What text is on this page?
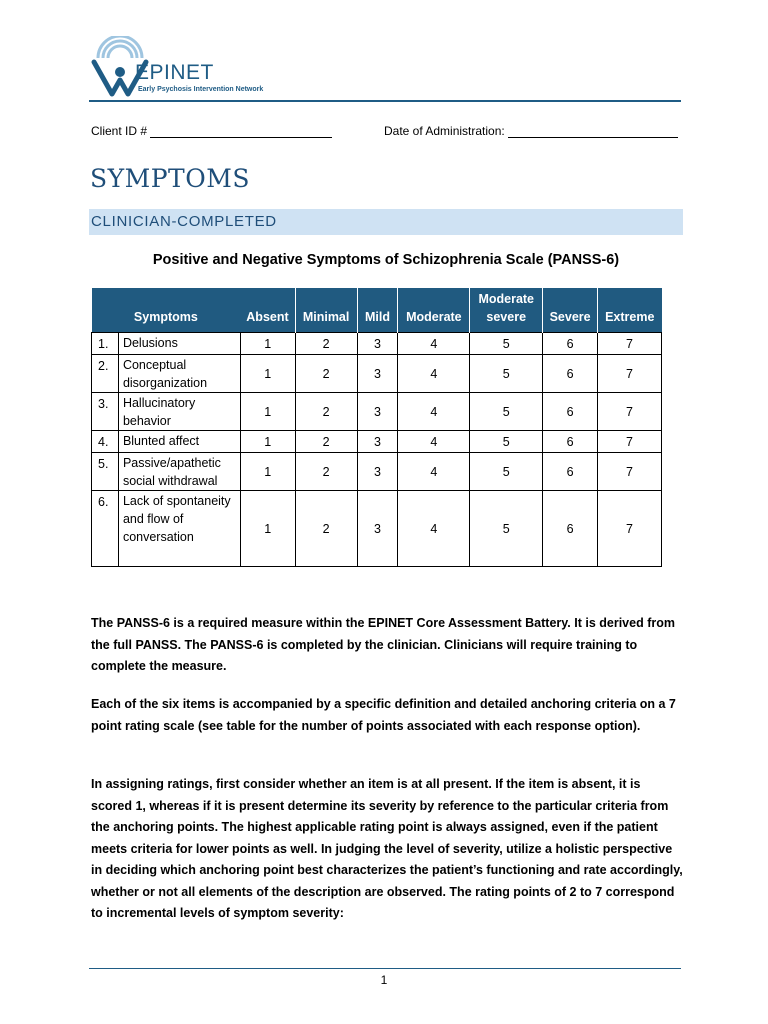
EPINET
Early Psychosis Intervention Network
Client ID #	Date of Administration:
SYMPTOMS
CLINICIAN-COMPLETED
Positive and Negative Symptoms of Schizophrenia Scale (PANSS-6)
Symptoms		Absent	Minimal	Mild	Moderate	Moderate severe	Severe	Extreme
1.	Delusions	1	2	3	4	5	6	7
2.	Conceptual disorganization	1	2	3	4	5	6	7
3.	Hallucinatory behavior	1	2	3	4	5	6	7
4.	Blunted affect	1	2	3	4	5	6	7
5.	Passive/apathetic social withdrawal	1	2	3	4	5	6	7
6.	Lack of spontaneity and flow of conversation	1	2	3	4	5	6	7

The PANSS-6 is a required measure within the EPINET Core Assessment Battery. It is derived from the full PANSS. The PANSS-6 is completed by the clinician. Clinicians will require training to complete the measure.

Each of the six items is accompanied by a specific definition and detailed anchoring criteria on a 7 point rating scale (see table for the number of points associated with each response option).

In assigning ratings, first consider whether an item is at all present. If the item is absent, it is scored 1, whereas if it is present determine its severity by reference to the particular criteria from the anchoring points. The highest applicable rating point is always assigned, even if the patient meets criteria for lower points as well. In judging the level of severity, utilize a holistic perspective in deciding which anchoring point best characterizes the patient’s functioning and rate accordingly, whether or not all elements of the description are observed. The rating points of 2 to 7 correspond to incremental levels of symptom severity:

1
